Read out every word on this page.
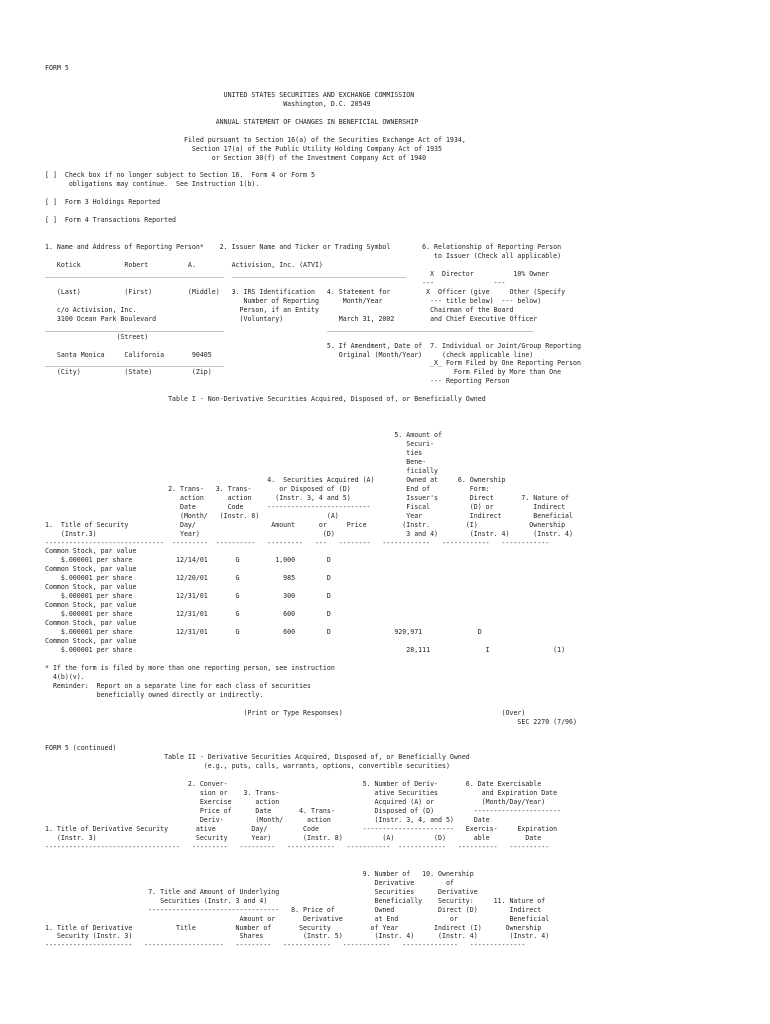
FORM 5

UNITED STATES SECURITIES AND EXCHANGE COMMISSION
Washington, D.C. 20549

ANNUAL STATEMENT OF CHANGES IN BENEFICIAL OWNERSHIP

Filed pursuant to Section 16(a) of the Securities Exchange Act of 1934,
Section 17(a) of the Public Utility Holding Company Act of 1935
or Section 30(f) of the Investment Company Act of 1940

[ ]  Check box if no longer subject to Section 16.  Form 4 or Form 5
obligations may continue.  See Instruction 1(b).

[ ]  Form 3 Holdings Reported

[ ]  Form 4 Transactions Reported

1. Name and Address of Reporting Person*    2. Issuer Name and Ticker or Trading Symbol        6. Relationship of Reporting Person
to Issuer (Check all applicable)
Kotick           Robert          A.         Activision, Inc. (ATVI)
_____________________________________________  ____________________________________________      X  Director          10% Owner
---               ---
(Last)           (First)         (Middle)   3. IRS Identification   4. Statement for         X  Officer (give     Other (Specify
Number of Reporting      Month/Year            --- title below)  --- below)
c/o Activision, Inc.                          Person, if an Entity                            Chairman of the Board
3100 Ocean Park Boulevard                     (Voluntary)              March 31, 2002         and Chief Executive Officer
_____________________________________________                          ____________________________________________________
(Street)
5. If Amendment, Date of  7. Individual or Joint/Group Reporting
Santa Monica     California       90405                                Original (Month/Year)     (check applicable line)
_____________________________________________                                                    _X_ Form Filed by One Reporting Person
(City)           (State)          (Zip)                                                             Form Filed by More than One
--- Reporting Person

Table I - Non-Derivative Securities Acquired, Disposed of, or Beneficially Owned

5. Amount of
Securi-
ties
Bene-
ficially
4.  Securities Acquired (A)        Owned at     6. Ownership
2. Trans-   3. Trans-       or Disposed of (D)              End of          Form:
action      action      (Instr. 3, 4 and 5)              Issuer's        Direct       7. Nature of
Date        Code      --------------------------         Fiscal          (D) or          Indirect
(Month/   (Instr. 8)                 (A)                 Year            Indirect        Beneficial
1.  Title of Security             Day/                   Amount      or     Price         (Instr.         (I)             Ownership
(Instr.3)                     Year)                               (D)                  3 and 4)        (Instr. 4)      (Instr. 4)
------------------------------  ---------  ----------   ---------   ---   --------   ------------   ------------   ------------
Common Stock, par value
$.000001 per share           12/14/01       G         1,000        D
Common Stock, par value
$.000001 per share           12/20/01       G           985        D
Common Stock, par value
$.000001 per share           12/31/01       G           300        D
Common Stock, par value
$.000001 per share           12/31/01       G           600        D
Common Stock, par value
$.000001 per share           12/31/01       G           600        D                920,971              D
Common Stock, par value
$.000001 per share                                                                     28,111              I                (1)

* If the form is filed by more than one reporting person, see instruction
4(b)(v).
Reminder:  Report on a separate line for each class of securities
beneficially owned directly or indirectly.

(Print or Type Responses)	(Over)
SEC 2270 (7/96)

FORM 5 (continued)
Table II - Derivative Securities Acquired, Disposed of, or Beneficially Owned
(e.g., puts, calls, warrants, options, convertible securities)

2. Conver-                                  5. Number of Deriv-       6. Date Exercisable
sion or    3. Trans-                        ative Securities           and Expiration Date
Exercise      action                        Acquired (A) or            (Month/Day/Year)
Price of      Date       4. Trans-          Disposed of (D)          ----------------------
Deriv-        (Month/      action           (Instr. 3, 4, and 5)     Date
1. Title of Derivative Security       ative         Day/         Code           -----------------------   Exercis-     Expiration
(Instr. 3)                         Security      Year)        (Instr. 8)          (A)          (D)       able         Date
----------------------------------   ---------   ---------   ------------   -----------  ------------   ----------   ----------

9. Number of   10. Ownership
Derivative        of
7. Title and Amount of Underlying                        Securities      Derivative
Securities (Instr. 3 and 4)                           Beneficially    Security:     11. Nature of
---------------------------------   8. Price of          Owned           Direct (D)        Indirect
Amount or       Derivative        at End             or             Beneficial
1. Title of Derivative           Title          Number of       Security          of Year         Indirect (I)      Ownership
Security (Instr. 3)                           Shares          (Instr. 5)        (Instr. 4)      (Instr. 4)        (Instr. 4)
----------------------   --------------------   ---------   ------------   ------------   --------------   --------------
